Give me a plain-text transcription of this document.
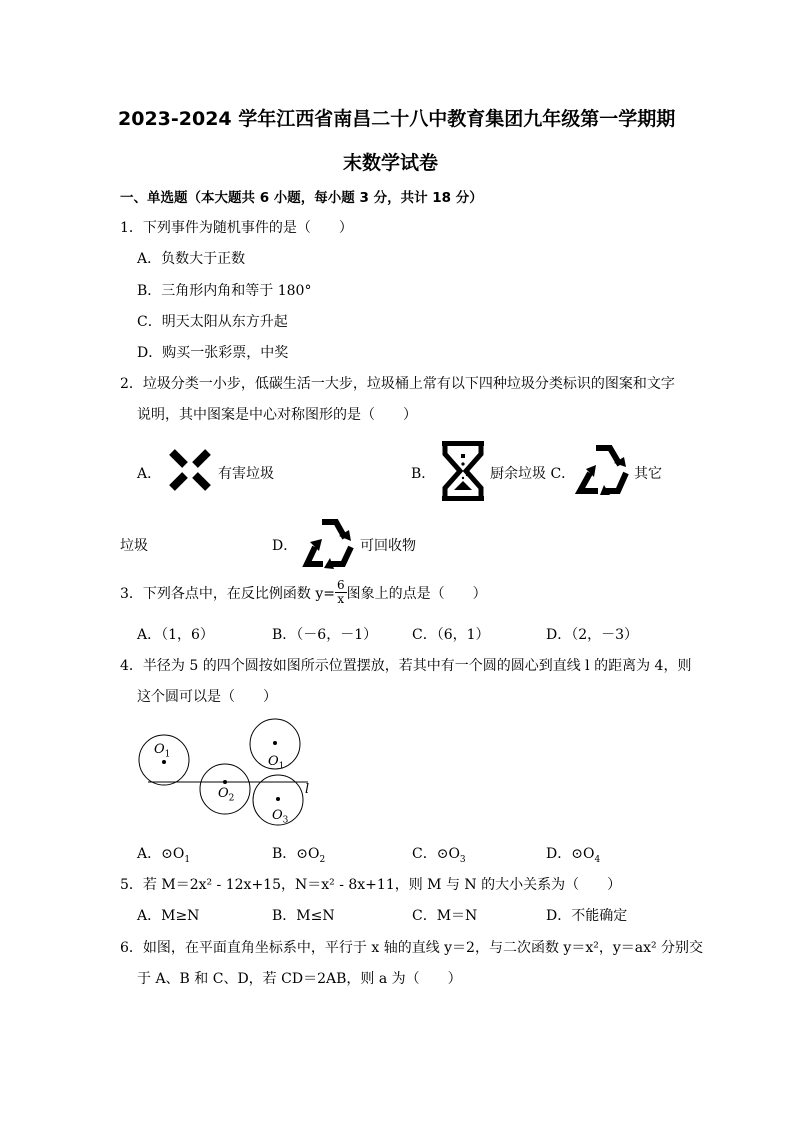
2023-2024 学年江西省南昌二十八中教育集团九年级第一学期期
末数学试卷
一、单选题（本大题共 6 小题，每小题 3 分，共计 18 分）
1．下列事件为随机事件的是（　　）
A．负数大于正数
B．三角形内角和等于 180°
C．明天太阳从东方升起
D．购买一张彩票，中奖
2．垃圾分类一小步，低碳生活一大步，垃圾桶上常有以下四种垃圾分类标识的图案和文字
说明，其中图案是中心对称图形的是（　　）
A．	有害垃圾	B．	厨余垃圾 C．	其它
垃圾	D．	可回收物
3．下列各点中，在反比例函数 $y= \frac{6}{x}$ 图象上的点是（　　）
A．（1，6）	B．（－6，－1） C．（6，1）	D．（2，－3）
4．半径为 5 的四个圆按如图所示位置摆放，若其中有一个圆的圆心到直线 l 的距离为 4，则
这个圆可以是（　　）
$O_1$
$O_2$
$O_1$
$O_3$
l
A．$⊙O_1$	B．$⊙O_2$	C．$⊙O_3$	D．$⊙O_4$
5．若 M＝2x² - 12x+15，N＝x² - 8x+11，则 M 与 N 的大小关系为（　　）
A．M≥N	B．M≤N	C．M＝N	D．不能确定
6．如图，在平面直角坐标系中，平行于 x 轴的直线 y＝2，与二次函数 y＝x²，y＝ax² 分别交
于 A、B 和 C、D，若 CD＝2AB，则 a 为（　　）
